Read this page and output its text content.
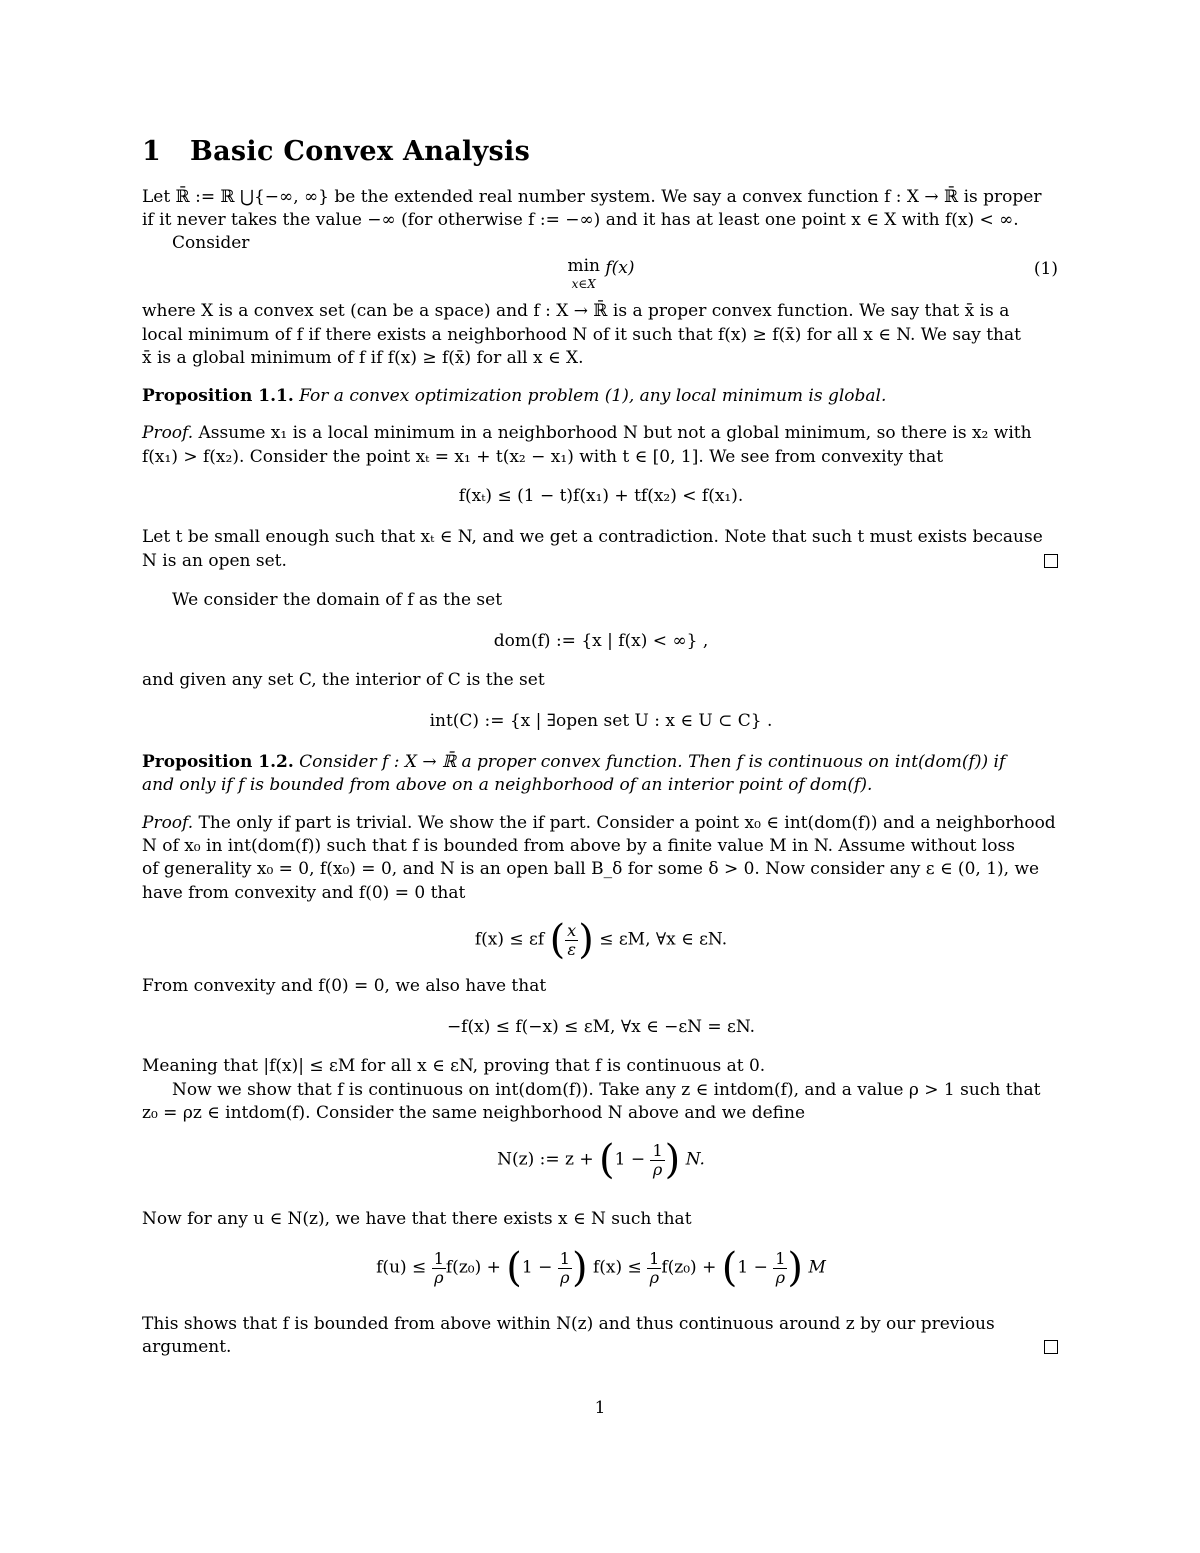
1 Basic Convex Analysis
Let ℝ̄ := ℝ ⋃{−∞, ∞} be the extended real number system. We say a convex function f : X → ℝ̄ is proper
if it never takes the value −∞ (for otherwise f := −∞) and it has at least one point x ∈ X with f(x) < ∞.
Consider
min
x∈X
f(x)	(1)
where X is a convex set (can be a space) and f : X → ℝ̄ is a proper convex function. We say that x̄ is a
local minimum of f if there exists a neighborhood N of it such that f(x) ≥ f(x̄) for all x ∈ N. We say that
x̄ is a global minimum of f if f(x) ≥ f(x̄) for all x ∈ X.
Proposition 1.1. For a convex optimization problem (1), any local minimum is global.
Proof. Assume x₁ is a local minimum in a neighborhood N but not a global minimum, so there is x₂ with
f(x₁) > f(x₂). Consider the point xₜ = x₁ + t(x₂ − x₁) with t ∈ [0, 1]. We see from convexity that
f(xₜ) ≤ (1 − t)f(x₁) + tf(x₂) < f(x₁).
Let t be small enough such that xₜ ∈ N, and we get a contradiction. Note that such t must exists because
N is an open set.
We consider the domain of f as the set
dom(f) := {x | f(x) < ∞} ,
and given any set C, the interior of C is the set
int(C) := {x | ∃open set U : x ∈ U ⊂ C} .
Proposition 1.2. Consider f : X → ℝ̄ a proper convex function. Then f is continuous on int(dom(f)) if
and only if f is bounded from above on a neighborhood of an interior point of dom(f).
Proof. The only if part is trivial. We show the if part. Consider a point x₀ ∈ int(dom(f)) and a neighborhood
N of x₀ in int(dom(f)) such that f is bounded from above by a finite value M in N. Assume without loss
of generality x₀ = 0, f(x₀) = 0, and N is an open ball B_δ for some δ > 0. Now consider any ε ∈ (0, 1), we
have from convexity and f(0) = 0 that
f(x) ≤ εf ( $\frac{x}{\varepsilon}$ ) ≤ εM, ∀x ∈ εN.
From convexity and f(0) = 0, we also have that
−f(x) ≤ f(−x) ≤ εM, ∀x ∈ −εN = εN.
Meaning that |f(x)| ≤ εM for all x ∈ εN, proving that f is continuous at 0.
Now we show that f is continuous on int(dom(f)). Take any z ∈ intdom(f), and a value ρ > 1 such that
z₀ = ρz ∈ intdom(f). Consider the same neighborhood N above and we define
N(z) := $z + (1 - \frac{1}{\rho}$ ) N.
Now for any u ∈ N(z), we have that there exists x ∈ N such that
$f(u) \le \frac{1}{\rho} f(z_0) + (1 - \frac{1}{\rho}$ ) $f(x) \le \frac{1}{\rho} f(z_0) + (1 - \frac{1}{\rho}$ ) M
This shows that f is bounded from above within N(z) and thus continuous around z by our previous
argument.
1
